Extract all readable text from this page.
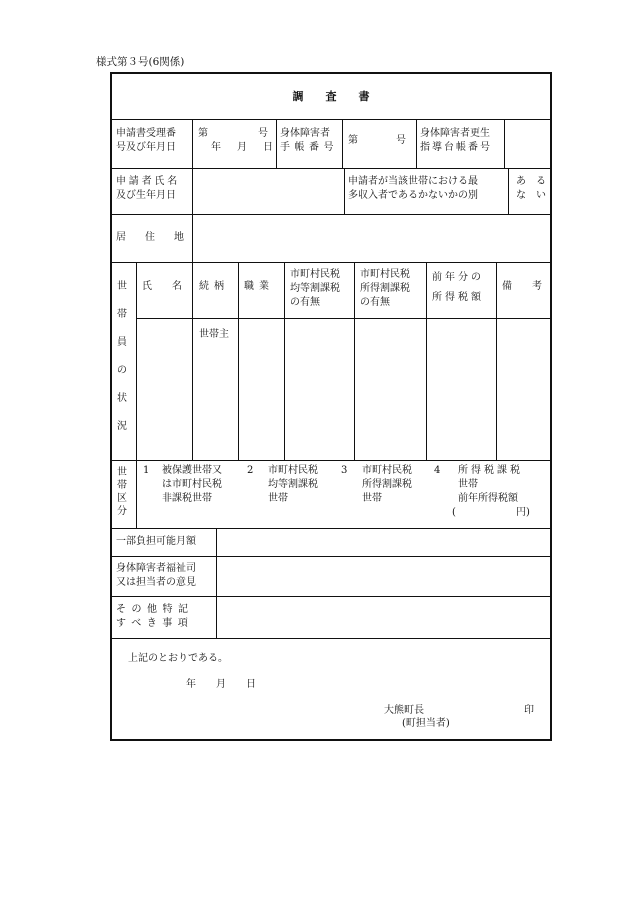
様式第３号(6関係)
調　　査　　書
申請書受理番
号及び年月日
第　　　号
年　月　日
身体障害者
手帳番号
第　　号
身体障害者更生
指導台帳番号
申請者氏名
及び生年月日
申請者が当該世帯における最
多収入者であるかないかの別
あ　る
な　い
居　住　地
世
帯
員
の
状
況
氏　　名 続柄 職業
市町村民税
均等割課税
の有無
市町村民税
所得割課税
の有無
前年分の
所得税額
備　　考
世帯主
世
帯
区
分
1 被保護世帯又
は市町村民税
非課税世帯
2 市町村民税
均等割課税
世帯
3 市町村民税
所得割課税
世帯
4 所得税課税
世帯
前年所得税額
(	円)
一部負担可能月額
身体障害者福祉司
又は担当者の意見
その他特記
すべき事項
上記のとおりである。
年　　月　　日
大熊町長	印
(町担当者)
